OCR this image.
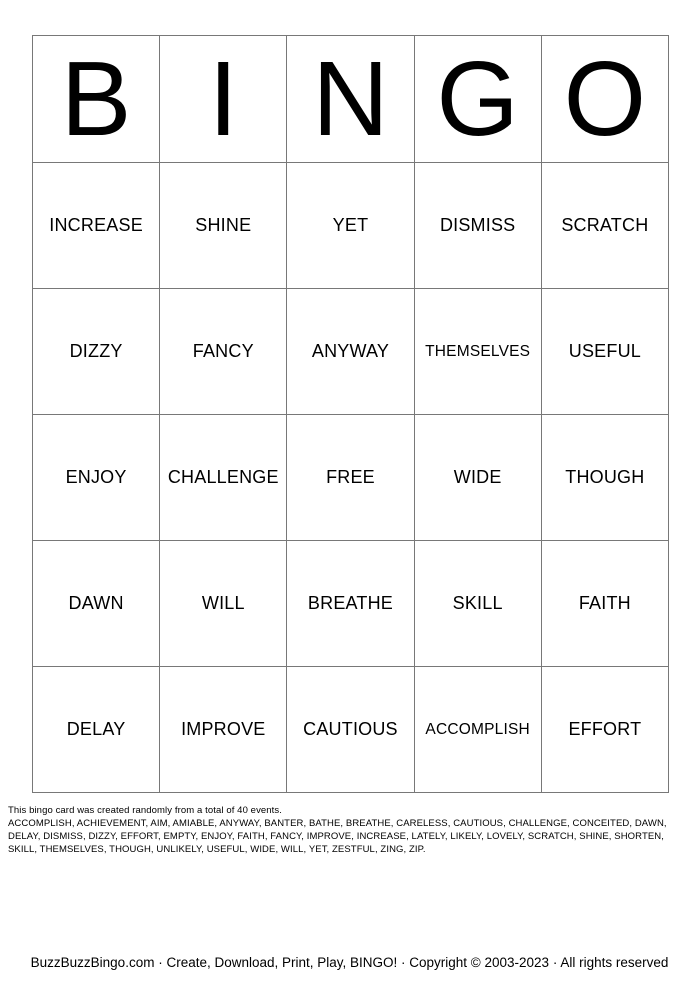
B	I	N	G	O
INCREASE	SHINE	YET	DISMISS	SCRATCH
DIZZY	FANCY	ANYWAY	THEMSELVES	USEFUL
ENJOY	CHALLENGE	FREE	WIDE	THOUGH
DAWN	WILL	BREATHE	SKILL	FAITH
DELAY	IMPROVE	CAUTIOUS	ACCOMPLISH	EFFORT
This bingo card was created randomly from a total of 40 events.
ACCOMPLISH, ACHIEVEMENT, AIM, AMIABLE, ANYWAY, BANTER, BATHE, BREATHE, CARELESS, CAUTIOUS, CHALLENGE, CONCEITED, DAWN,
DELAY, DISMISS, DIZZY, EFFORT, EMPTY, ENJOY, FAITH, FANCY, IMPROVE, INCREASE, LATELY, LIKELY, LOVELY, SCRATCH, SHINE, SHORTEN,
SKILL, THEMSELVES, THOUGH, UNLIKELY, USEFUL, WIDE, WILL, YET, ZESTFUL, ZING, ZIP.
BuzzBuzzBingo.com · Create, Download, Print, Play, BINGO! · Copyright © 2003-2023 · All rights reserved
